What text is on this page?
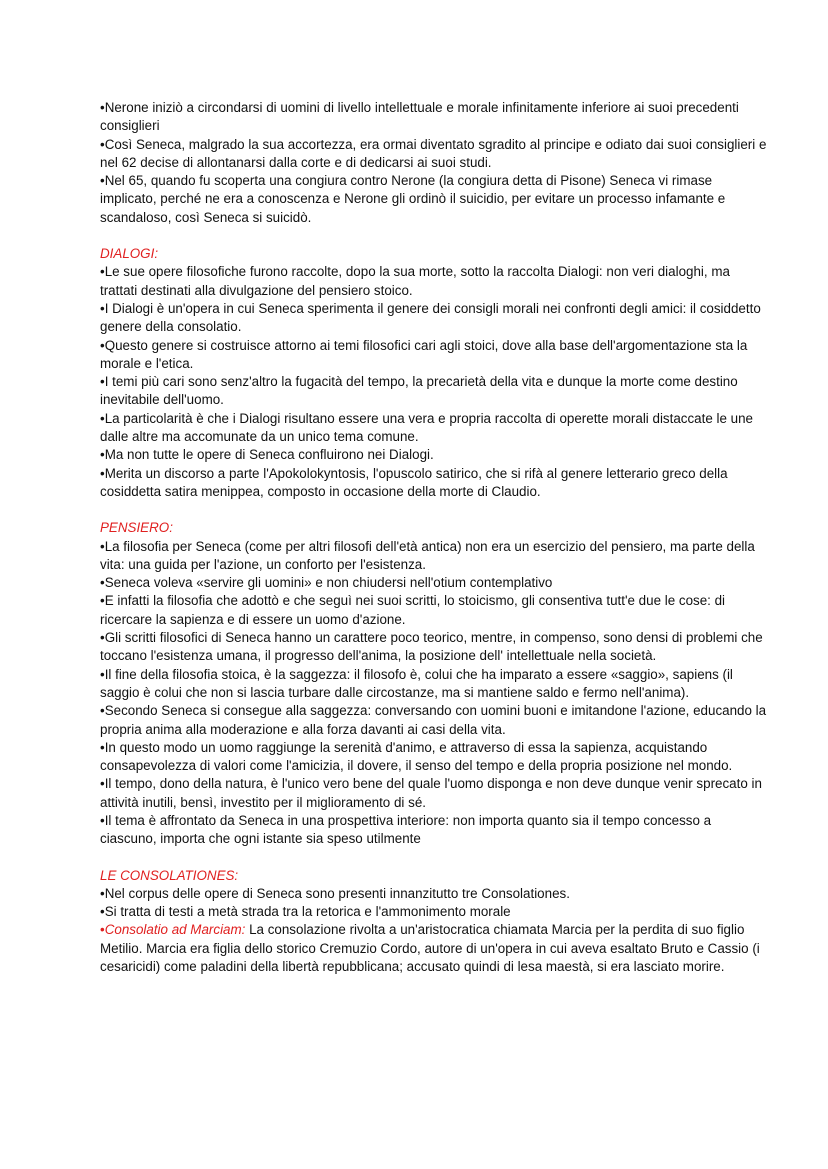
•Nerone iniziò a circondarsi di uomini di livello intellettuale e morale infinitamente inferiore ai suoi precedenti consiglieri

•Così Seneca, malgrado la sua accortezza, era ormai diventato sgradito al principe e odiato dai suoi consiglieri e nel 62 decise di allontanarsi dalla corte e di dedicarsi ai suoi studi.

•Nel 65, quando fu scoperta una congiura contro Nerone (la congiura detta di Pisone) Seneca vi rimase implicato, perché ne era a conoscenza e Nerone gli ordinò il suicidio, per evitare un processo infamante e scandaloso, così Seneca si suicidò.

DIALOGI:

•Le sue opere filosofiche furono raccolte, dopo la sua morte, sotto la raccolta Dialogi: non veri dialoghi, ma trattati destinati alla divulgazione del pensiero stoico.

•I Dialogi è un'opera in cui Seneca sperimenta il genere dei consigli morali nei confronti degli amici: il cosiddetto genere della consolatio.

•Questo genere si costruisce attorno ai temi filosofici cari agli stoici, dove alla base dell'argomentazione sta la morale e l'etica.

•I temi più cari sono senz'altro la fugacità del tempo, la precarietà della vita e dunque la morte come destino inevitabile dell'uomo.

•La particolarità è che i Dialogi risultano essere una vera e propria raccolta di operette morali distaccate le une dalle altre ma accomunate da un unico tema comune.

•Ma non tutte le opere di Seneca confluirono nei Dialogi.

•Merita un discorso a parte l'Apokolokyntosis, l'opuscolo satirico, che si rifà al genere letterario greco della cosiddetta satira menippea, composto in occasione della morte di Claudio.

PENSIERO:

•La filosofia per Seneca (come per altri filosofi dell'età antica) non era un esercizio del pensiero, ma parte della vita: una guida per l'azione, un conforto per l'esistenza.

•Seneca voleva «servire gli uomini» e non chiudersi nell'otium contemplativo

•E infatti la filosofia che adottò e che seguì nei suoi scritti, lo stoicismo, gli consentiva tutt'e due le cose: di ricercare la sapienza e di essere un uomo d'azione.

•Gli scritti filosofici di Seneca hanno un carattere poco teorico, mentre, in compenso, sono densi di problemi che toccano l'esistenza umana, il progresso dell'anima, la posizione dell' intellettuale nella società.

•Il fine della filosofia stoica, è la saggezza: il filosofo è, colui che ha imparato a essere «saggio», sapiens (il saggio è colui che non si lascia turbare dalle circostanze, ma si mantiene saldo e fermo nell'anima).

•Secondo Seneca si consegue alla saggezza: conversando con uomini buoni e imitandone l'azione, educando la propria anima alla moderazione e alla forza davanti ai casi della vita.

•In questo modo un uomo raggiunge la serenità d'animo, e attraverso di essa la sapienza, acquistando consapevolezza di valori come l'amicizia, il dovere, il senso del tempo e della propria posizione nel mondo.

•Il tempo, dono della natura, è l'unico vero bene del quale l'uomo disponga e non deve dunque venir sprecato in attività inutili, bensì, investito per il miglioramento di sé.

•Il tema è affrontato da Seneca in una prospettiva interiore: non importa quanto sia il tempo concesso a ciascuno, importa che ogni istante sia speso utilmente

LE CONSOLATIONES:

•Nel corpus delle opere di Seneca sono presenti innanzitutto tre Consolationes.

•Si tratta di testi a metà strada tra la retorica e l'ammonimento morale

•Consolatio ad Marciam: La consolazione rivolta a un'aristocratica chiamata Marcia per la perdita di suo figlio Metilio. Marcia era figlia dello storico Cremuzio Cordo, autore di un'opera in cui aveva esaltato Bruto e Cassio (i cesaricidi) come paladini della libertà repubblicana; accusato quindi di lesa maestà, si era lasciato morire.
